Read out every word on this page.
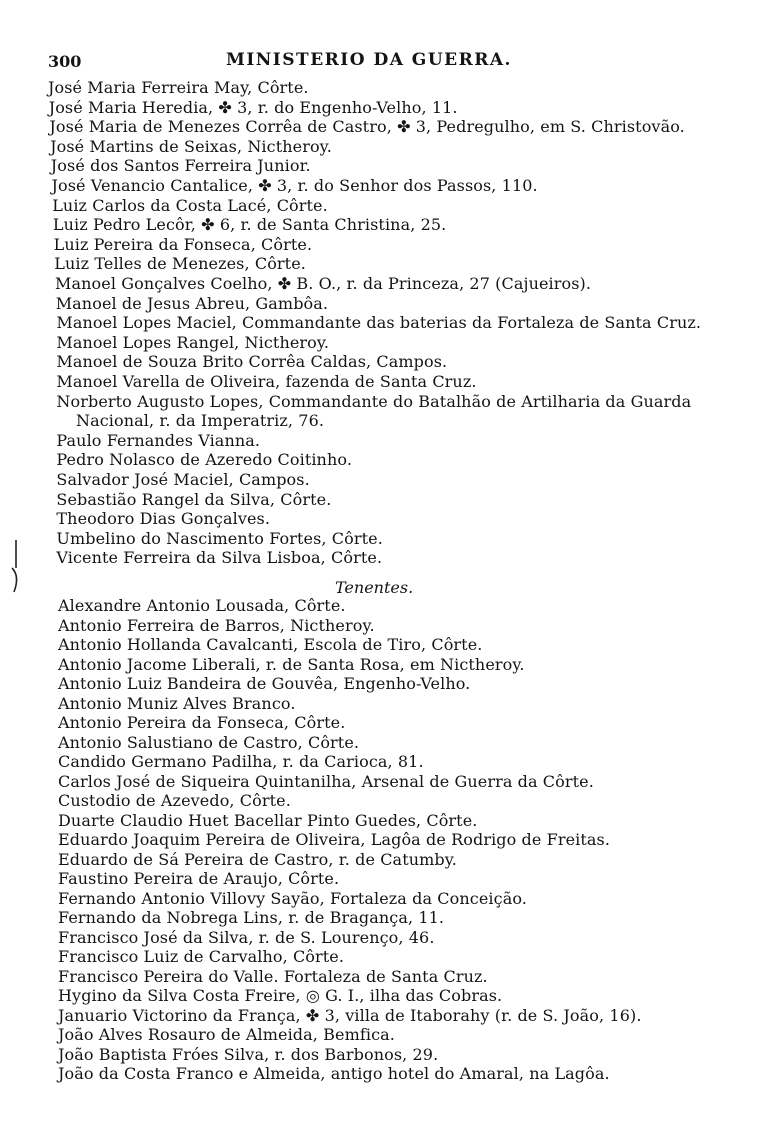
300	MINISTERIO DA GUERRA.
José Maria Ferreira May, Côrte.
José Maria Heredia, ✤ 3, r. do Engenho-Velho, 11.
José Maria de Menezes Corrêa de Castro, ✤ 3, Pedregulho, em S. Christovão.
José Martins de Seixas, Nictheroy.
José dos Santos Ferreira Junior.
José Venancio Cantalice, ✤ 3, r. do Senhor dos Passos, 110.
Luiz Carlos da Costa Lacé, Côrte.
Luiz Pedro Lecôr, ✤ 6, r. de Santa Christina, 25.
Luiz Pereira da Fonseca, Côrte.
Luiz Telles de Menezes, Côrte.
Manoel Gonçalves Coelho, ✤ B. O., r. da Princeza, 27 (Cajueiros).
Manoel de Jesus Abreu, Gambôa.
Manoel Lopes Maciel, Commandante das baterias da Fortaleza de Santa Cruz.
Manoel Lopes Rangel, Nictheroy.
Manoel de Souza Brito Corrêa Caldas, Campos.
Manoel Varella de Oliveira, fazenda de Santa Cruz.
Norberto Augusto Lopes, Commandante do Batalhão de Artilharia da Guarda
Nacional, r. da Imperatriz, 76.
Paulo Fernandes Vianna.
Pedro Nolasco de Azeredo Coitinho.
Salvador José Maciel, Campos.
Sebastião Rangel da Silva, Côrte.
Theodoro Dias Gonçalves.
Umbelino do Nascimento Fortes, Côrte.
Vicente Ferreira da Silva Lisboa, Côrte.
Tenentes.
Alexandre Antonio Lousada, Côrte.
Antonio Ferreira de Barros, Nictheroy.
Antonio Hollanda Cavalcanti, Escola de Tiro, Côrte.
Antonio Jacome Liberali, r. de Santa Rosa, em Nictheroy.
Antonio Luiz Bandeira de Gouvêa, Engenho-Velho.
Antonio Muniz Alves Branco.
Antonio Pereira da Fonseca, Côrte.
Antonio Salustiano de Castro, Côrte.
Candido Germano Padilha, r. da Carioca, 81.
Carlos José de Siqueira Quintanilha, Arsenal de Guerra da Côrte.
Custodio de Azevedo, Côrte.
Duarte Claudio Huet Bacellar Pinto Guedes, Côrte.
Eduardo Joaquim Pereira de Oliveira, Lagôa de Rodrigo de Freitas.
Eduardo de Sá Pereira de Castro, r. de Catumby.
Faustino Pereira de Araujo, Côrte.
Fernando Antonio Villovy Sayão, Fortaleza da Conceição.
Fernando da Nobrega Lins, r. de Bragança, 11.
Francisco José da Silva, r. de S. Lourenço, 46.
Francisco Luiz de Carvalho, Côrte.
Francisco Pereira do Valle. Fortaleza de Santa Cruz.
Hygino da Silva Costa Freire, ◎ G. I., ilha das Cobras.
Januario Victorino da França, ✤ 3, villa de Itaborahy (r. de S. João, 16).
João Alves Rosauro de Almeida, Bemfica.
João Baptista Fróes Silva, r. dos Barbonos, 29.
João da Costa Franco e Almeida, antigo hotel do Amaral, na Lagôa.
